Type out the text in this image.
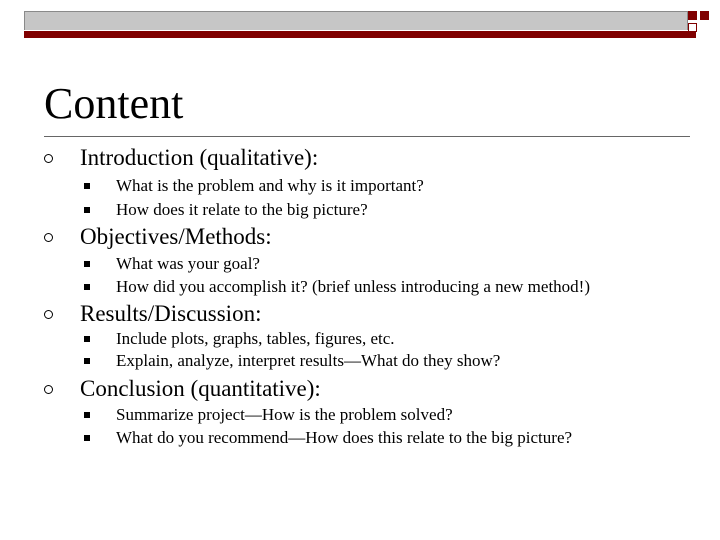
Content
Introduction (qualitative):
What is the problem and why is it important?
How does it relate to the big picture?
Objectives/Methods:
What was your goal?
How did you accomplish it? (brief unless introducing a new method!)
Results/Discussion:
Include plots, graphs, tables, figures, etc.
Explain, analyze, interpret results—What do they show?
Conclusion (quantitative):
Summarize project—How is the problem solved?
What do you recommend—How does this relate to the big picture?
